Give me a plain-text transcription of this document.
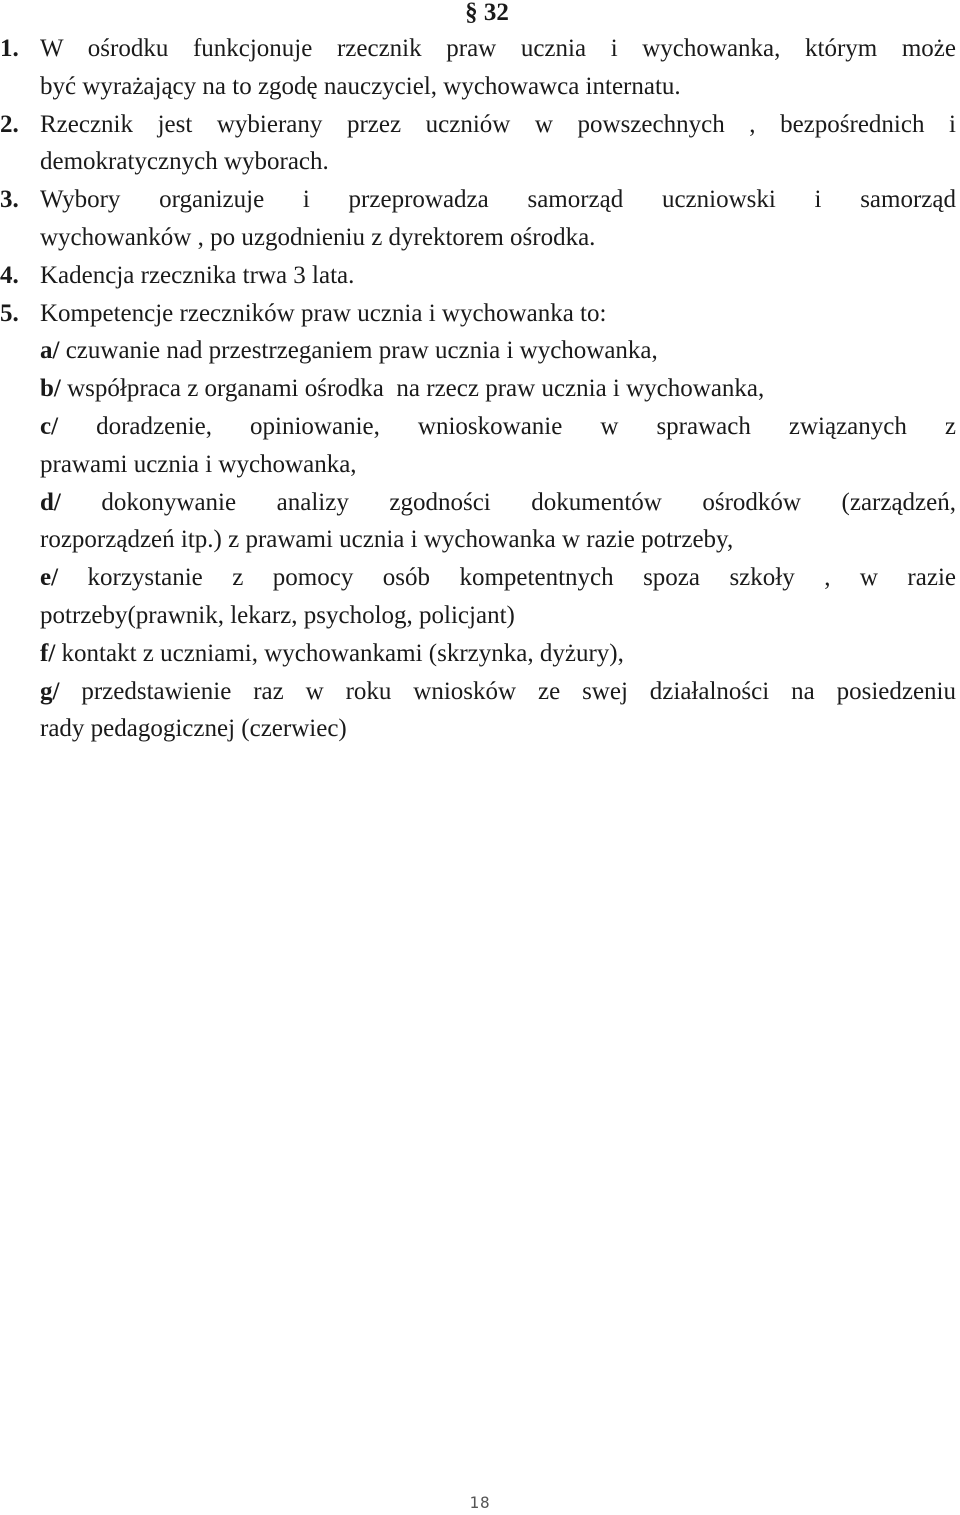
§ 32
1. W ośrodku funkcjonuje rzecznik praw ucznia i wychowanka, którym może
być wyrażający na to zgodę nauczyciel, wychowawca internatu.
2. Rzecznik jest wybierany przez uczniów w powszechnych , bezpośrednich i
demokratycznych wyborach.
3. Wybory organizuje i przeprowadza samorząd uczniowski i samorząd
wychowanków , po uzgodnieniu z dyrektorem ośrodka.
4. Kadencja rzecznika trwa 3 lata.
5. Kompetencje rzeczników praw ucznia i wychowanka to:
a/ czuwanie nad przestrzeganiem praw ucznia i wychowanka,
b/ współpraca z organami ośrodka  na rzecz praw ucznia i wychowanka,
c/ doradzenie, opiniowanie, wnioskowanie w sprawach związanych z
prawami ucznia i wychowanka,
d/ dokonywanie analizy zgodności dokumentów ośrodków (zarządzeń,
rozporządzeń itp.) z prawami ucznia i wychowanka w razie potrzeby,
e/ korzystanie z pomocy osób kompetentnych spoza szkoły , w razie
potrzeby(prawnik, lekarz, psycholog, policjant)
f/ kontakt z uczniami, wychowankami (skrzynka, dyżury),
g/ przedstawienie raz w roku wniosków ze swej działalności na posiedzeniu
rady pedagogicznej (czerwiec)
18
